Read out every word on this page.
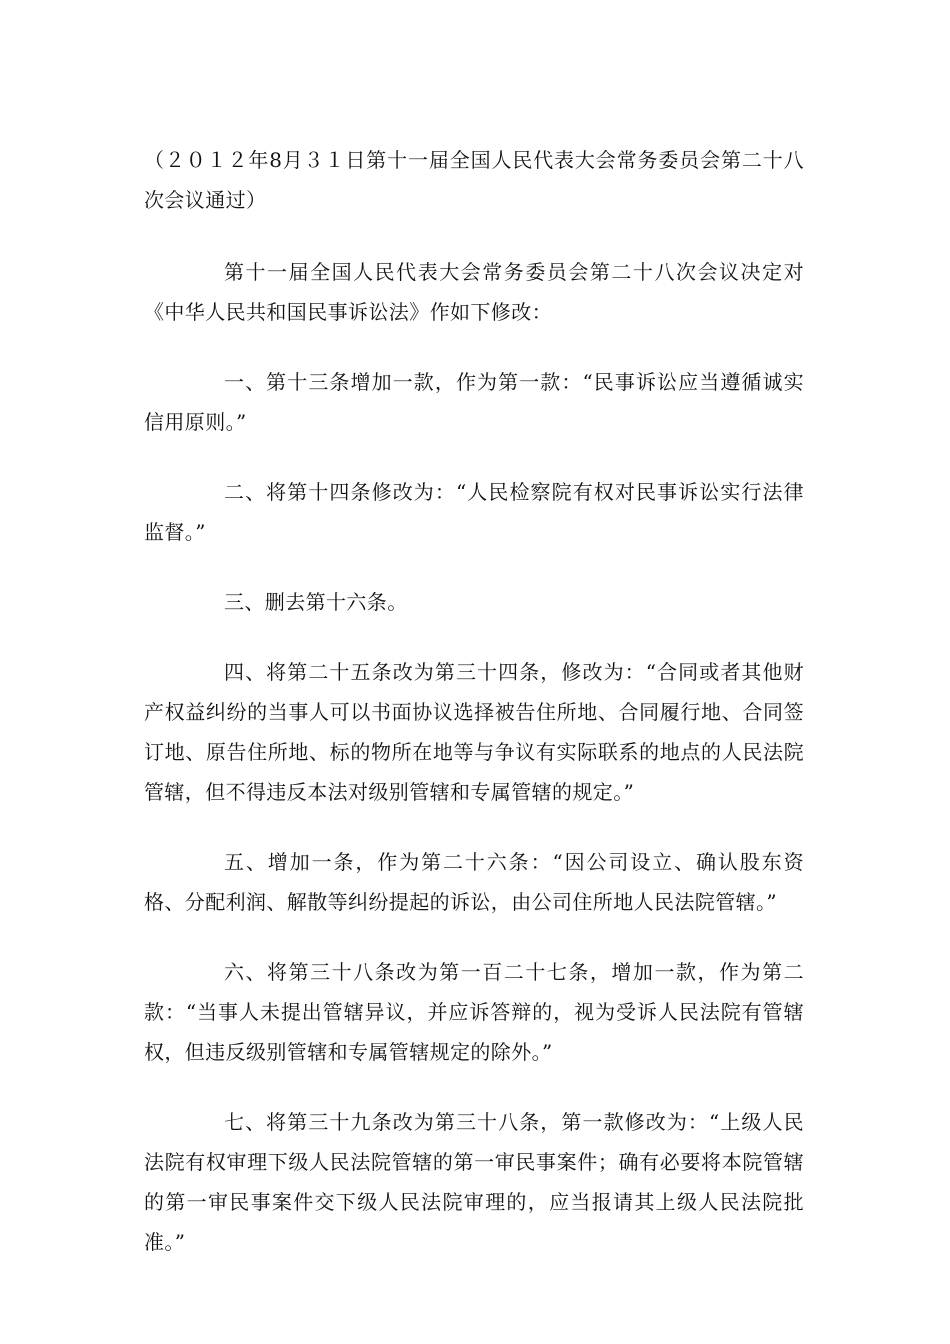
（２０１２年8月３１日第十一届全国人民代表大会常务委员会第二十八次会议通过）

第十一届全国人民代表大会常务委员会第二十八次会议决定对《中华人民共和国民事诉讼法》作如下修改：

一、第十三条增加一款，作为第一款：“民事诉讼应当遵循诚实信用原则。”

二、将第十四条修改为：“人民检察院有权对民事诉讼实行法律监督。”

三、删去第十六条。

四、将第二十五条改为第三十四条，修改为：“合同或者其他财产权益纠纷的当事人可以书面协议选择被告住所地、合同履行地、合同签订地、原告住所地、标的物所在地等与争议有实际联系的地点的人民法院管辖，但不得违反本法对级别管辖和专属管辖的规定。”

五、增加一条，作为第二十六条：“因公司设立、确认股东资格、分配利润、解散等纠纷提起的诉讼，由公司住所地人民法院管辖。”

六、将第三十八条改为第一百二十七条，增加一款，作为第二款：“当事人未提出管辖异议，并应诉答辩的，视为受诉人民法院有管辖权，但违反级别管辖和专属管辖规定的除外。”

七、将第三十九条改为第三十八条，第一款修改为：“上级人民法院有权审理下级人民法院管辖的第一审民事案件；确有必要将本院管辖的第一审民事案件交下级人民法院审理的，应当报请其上级人民法院批准。”
